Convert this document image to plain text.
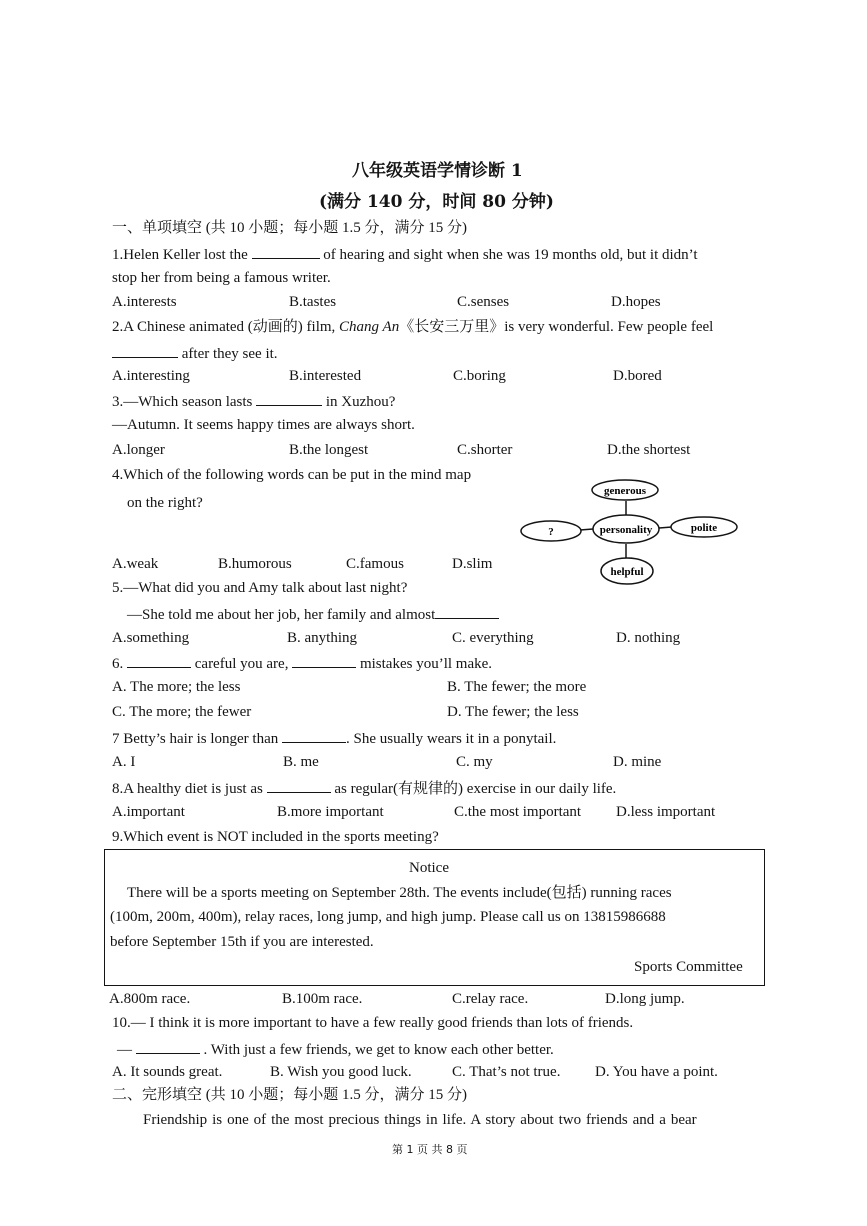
八年级英语学情诊断 1
(满分 140 分，时间 80 分钟)
一、单项填空 (共 10 小题；每小题 1.5 分，满分 15 分)
1.Helen Keller lost the	of hearing and sight when she was 19 months old, but it didn’t
stop her from being a famous writer.
A.interests	B.tastes	C.senses	D.hopes
2.A Chinese animated (动画的) film, Chang An《长安三万里》is very wonderful. Few people feel
after they see it.
A.interesting	B.interested	C.boring	D.bored
3.—Which season lasts	in Xuzhou?
—Autumn. It seems happy times are always short.
A.longer	B.the longest	C.shorter	D.the shortest
4.Which of the following words can be put in the mind map
on the right?
A.weak	B.humorous	C.famous	D.slim
generous
personality
?	polite
helpful
5.—What did you and Amy talk about last night?
—She told me about her job, her family and almost
A.something	B. anything	C. everything	D. nothing
6.	careful you are,	mistakes you’ll make.
A. The more; the less	B. The fewer; the more
C. The more; the fewer	D. The fewer; the less
7 Betty’s hair is longer than	. She usually wears it in a ponytail.
A. I	B. me	C. my	D. mine
8.A healthy diet is just as	as regular(有规律的) exercise in our daily life.
A.important	B.more important	C.the most important D.less important
9.Which event is NOT included in the sports meeting?
Notice
There will be a sports meeting on September 28th. The events include(包括) running races
(100m, 200m, 400m), relay races, long jump, and high jump. Please call us on 13815986688
before September 15th if you are interested.
Sports Committee
A.800m race.	B.100m race.	C.relay race.	D.long jump.
10.— I think it is more important to have a few really good friends than lots of friends.
—	. With just a few friends, we get to know each other better.
A. It sounds great.	B. Wish you good luck.	C. That’s not true. D. You have a point.
二、完形填空 (共 10 小题；每小题 1.5 分，满分 15 分)
Friendship is one of the most precious things in life. A story about two friends and a bear
第 1 页 共 8 页
